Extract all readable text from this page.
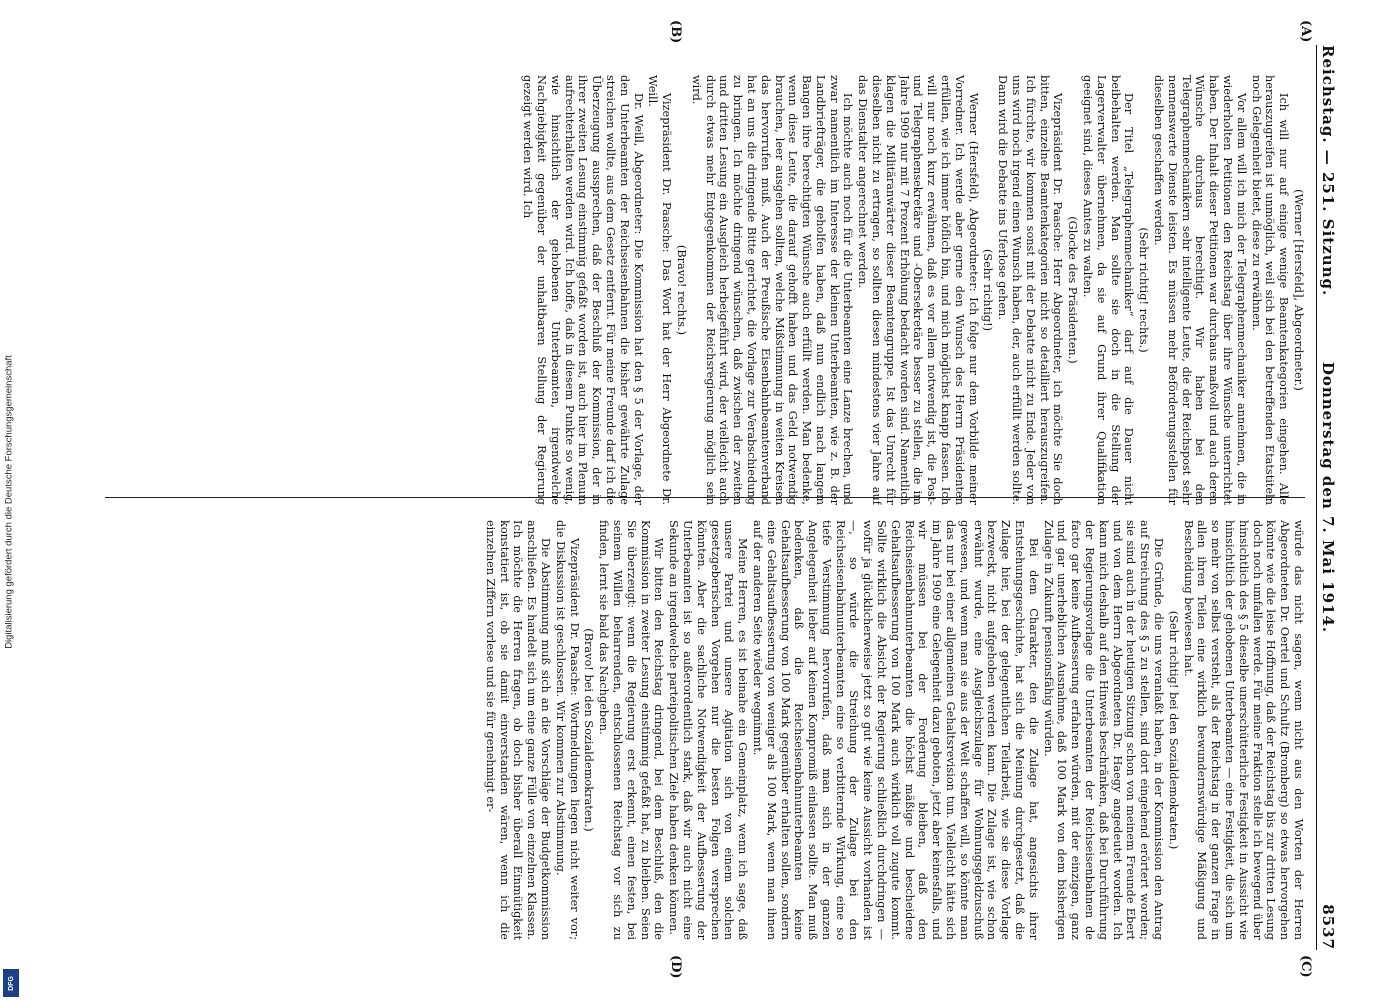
Reichstag. — 251. Sitzung.
Donnerstag den 7. Mai 1914.
8537
(A)
(B)
(C)
(D)

(Werner [Hersfeld], Abgeordneter.)

Ich will nur auf einige wenige Beamtenkategorien eingehen. Alle herauszugreifen ist unmöglich, weil sich bei den betreffenden Etatstiteln noch Gelegenheit bietet, diese zu erwähnen.

Vor allem will ich mich der Telegraphenmechaniker annehmen, die in wiederholten Petitionen den Reichstag über ihre Wünsche unterrichtet haben. Der Inhalt dieser Petitionen war durchaus maßvoll und auch deren Wünsche durchaus berechtigt. Wir haben bei den Telegraphenmechanikern sehr intelligente Leute, die der Reichspost sehr nennenswerte Dienste leisten. Es müssen mehr Beförderungsstellen für dieselben geschaffen werden.

(Sehr richtig! rechts.)

Der Titel „Telegraphenmechaniker“ darf auf die Dauer nicht beibehalten werden. Man sollte sie doch in die Stellung der Lagerverwalter übernehmen, da sie auf Grund ihrer Qualifikation geeignet sind, dieses Amtes zu walten.

(Glocke des Präsidenten.)

Vizepräsident Dr. Paasche: Herr Abgeordneter, ich möchte Sie doch bitten, einzelne Beamtenkategorien nicht so detailliert herauszugreifen. Ich fürchte, wir kommen sonst mit der Debatte nicht zu Ende. Jeder von uns wird noch irgend einen Wunsch haben, der, auch erfüllt werden sollte. Dann wird die Debatte ins Uferlose gehen.

(Sehr richtig!)

Werner (Hersfeld), Abgeordneter: Ich folge nur dem Vorbilde meiner Vorredner. Ich werde aber gerne den Wunsch des Herrn Präsidenten erfüllen, wie ich immer höflich bin, und mich möglichst knapp fassen. Ich will nur noch kurz erwähnen, daß es vor allem notwendig ist, die Post- und Telegraphensekretäre und -Obersekretäre besser zu stellen, die im Jahre 1909 nur mit 7 Prozent Erhöhung bedacht worden sind. Namentlich klagen die Militäranwärter dieser Beamtengruppe. Ist das Unrecht für dieselben nicht zu ertragen, so sollten diesen mindestens vier Jahre auf das Dienstalter angerechnet werden.

Ich möchte auch noch für die Unterbeamten eine Lanze brechen, und zwar namentlich im Interesse der kleinen Unterbeamten, wie z. B. der Landbriefträger, die geholfen haben, daß nun endlich nach langem Bangen ihre berechtigten Wünsche auch erfüllt werden. Man bedenke, wenn diese Leute, die darauf gehofft haben und das Geld notwendig brauchen, leer ausgehen sollten, welche Mißstimmung in weiten Kreisen das hervorrufen muß. Auch der Preußische Eisenbahnbeamtenverband hat an uns die dringende Bitte gerichtet, die Vorlage zur Verabschiedung zu bringen. Ich möchte dringend wünschen, daß zwischen der zweiten und dritten Lesung ein Ausgleich herbeigeführt wird, der vielleicht auch durch etwas mehr Entgegenkommen der Reichsregierung möglich sein wird.

(Bravo! rechts.)

Vizepräsident Dr. Paasche: Das Wort hat der Herr Abgeordnete Dr. Weill.

Dr. Weill, Abgeordneter: Die Kommission hat den § 5 der Vorlage, der den Unterbeamten der Reichseisenbahnen die bisher gewährte Zulage streichen wollte, aus dem Gesetz entfernt. Für meine Freunde darf ich die Überzeugung aussprechen, daß der Beschluß der Kommission, der in ihrer zweiten Lesung einstimmig gefaßt worden ist, auch hier im Plenum aufrechterhalten werden wird. Ich hoffe, daß in diesem Punkte so wenig, wie hinsichtlich der gehobenen Unterbeamten, irgendwelche Nachgiebigkeit gegenüber der unhaltbaren Stellung der Regierung gezeigt werden wird. Ich

würde das nicht sagen, wenn nicht aus den Worten der Herren Abgeordneten Dr. Oertel und Schultz (Bromberg) so etwas hervorgehen könnte wie die leise Hoffnung, daß der Reichstag bis zur dritten Lesung doch noch umfallen werde. Für meine Fraktion stelle ich bewegend über hinsichtlich des § 5 dieselbe unerschütterliche Festigkeit in Aussicht wie hinsichtlich der gehobenen Unterbeamten — eine Festigkeit, die sich um so mehr von selbst versteht, als der Reichstag in der ganzen Frage in allen ihren Teilen eine wirklich bewundernswürdige Mäßigung und Bescheidung bewiesen hat.

(Sehr richtig! bei den Sozialdemokraten.)

Die Gründe, die uns veranlaßt haben, in der Kommission den Antrag auf Streichung des § 5 zu stellen, sind dort eingehend erörtert worden; sie sind auch in der heutigen Sitzung schon von meinem Freunde Ebert und von dem Herrn Abgeordneten Dr. Haegy angedeutet worden. Ich kann mich deshalb auf den Hinweis beschränken, daß bei Durchführung der Regierungsvorlage die Unterbeamten der Reichseisenbahnen de facto gar keine Aufbesserung erfahren würden, mit der einzigen, ganz und gar unerheblichen Ausnahme, daß 100 Mark von dem bisherigen Zulage in Zukunft pensionsfähig würden.

Bei dem Charakter, den die Zulage hat, angesichts ihrer Entstehungsgeschichte, hat sich die Meinung durchgesetzt, daß die Zulage hier, bei der gelegentlichen Teilarbeit, wie sie diese Vorlage bezweckt, nicht aufgehoben werden kann. Die Zulage ist, wie schon erwähnt wurde, eine Ausgleichszulage für Wohnungsgeldzuschuß gewesen, und wenn man sie aus der Welt schaffen will, so könnte man das nur bei einer allgemeinen Gehaltsrevision tun. Vielleicht hätte sich im Jahre 1909 eine Gelegenheit dazu geboten, jetzt aber keinesfalls, und wir müssen bei der Forderung bleiben, daß den Reichseisenbahnunterbeamten die höchst mäßige und bescheidene Gehaltsaufbesserung von 100 Mark auch wirklich voll zugute kommt. Sollte wirklich die Absicht der Regierung schließlich durchdringen — wofür ja glücklicherweise jetzt so gut wie keine Aussicht vorhanden ist —, so würde die Streichung der Zulage bei den Reichseisenbahnunterbeamten eine so verbitternde Wirkung, eine so tiefe Verstimmung hervorrufen, daß man sich in der ganzen Angelegenheit lieber auf keinen Kompromiß einlassen sollte. Man muß bedenken, daß die Reichseisenbahnunterbeamten keine Gehaltsaufbesserung von 100 Mark gegenüber erhalten sollen, sondern eine Gehaltsaufbesserung von weniger als 100 Mark, wenn man ihnen auf der anderen Seite wieder wegnimmt.

Meine Herren, es ist beinahe ein Gemeinplatz, wenn ich sage, daß unsere Partei und unsere Agitation sich von einem solchen gesetzgeberischen Vorgehen nur die besten Folgen versprechen könnten. Aber die sachliche Notwendigkeit der Aufbesserung der Unterbeamten ist so außerordentlich stark, daß wir auch nicht eine Sekunde an irgendwelche parteipolitischen Ziele haben denken können.

Wir bitten den Reichstag dringend, bei dem Beschluß, den die Kommission in zweiter Lesung einstimmig gefaßt hat, zu bleiben. Seien Sie überzeugt: wenn die Regierung erst erkennt, einen festen, bei seinem Willen beharrenden, entschlossenen Reichstag vor sich zu finden, lernt sie bald das Nachgeben.

(Bravo! bei den Sozialdemokraten.)

Vizepräsident Dr. Paasche: Wortmeldungen liegen nicht weiter vor; die Diskussion ist geschlossen. Wir kommen zur Abstimmung.

Die Abstimmung muß sich an die Vorschläge der Budgetkommission anschließen. Es handelt sich um eine ganze Fülle von einzelnen Klassen. Ich möchte die Herren fragen, ob doch bisher überall Einmütigkeit konstatiert ist, ob sie damit einverstanden wären, wenn ich die einzelnen Ziffern vorlese und sie für genehmigt er-

Digitalisierung gefördert durch die Deutsche Forschungsgemeinschaft
DFG
